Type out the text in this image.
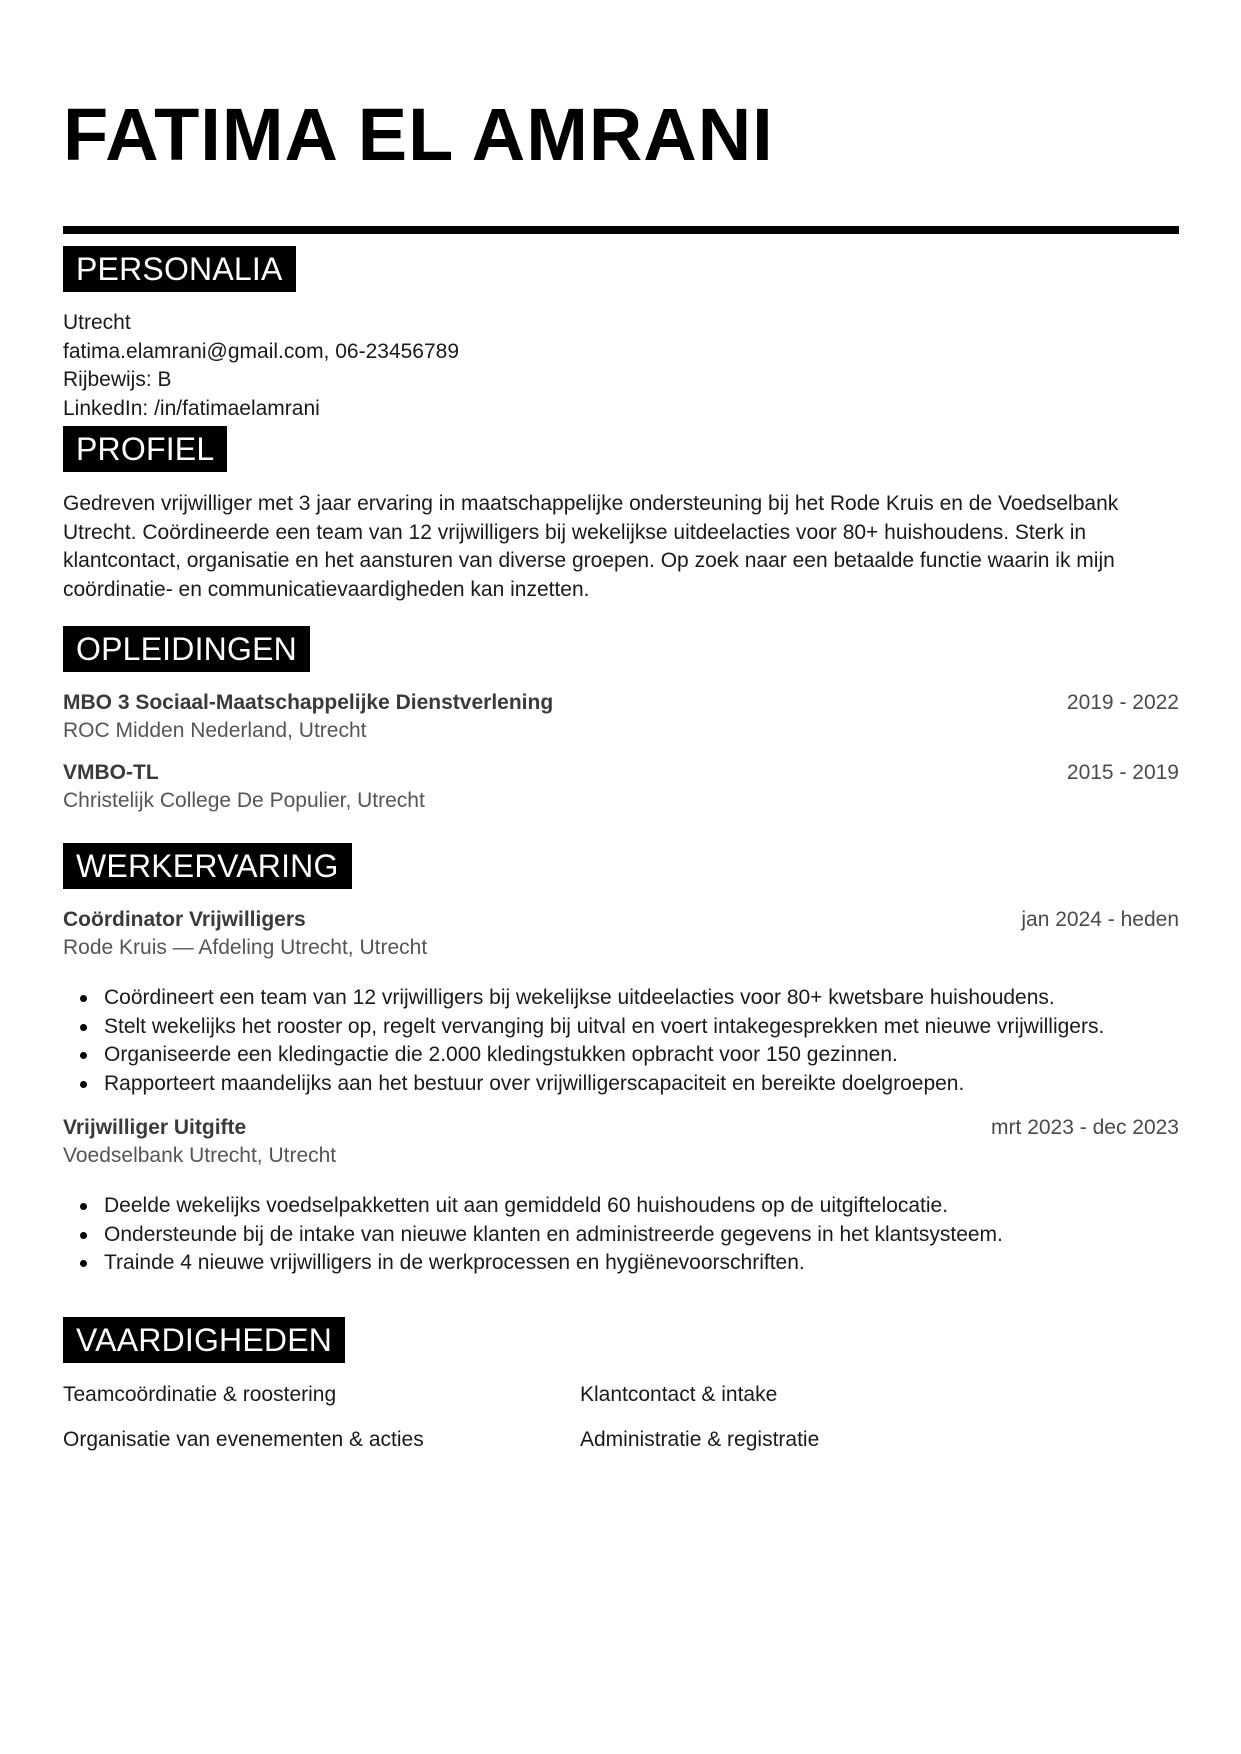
FATIMA EL AMRANI
PERSONALIA
Utrecht
fatima.elamrani@gmail.com, 06-23456789
Rijbewijs: B
LinkedIn: /in/fatimaelamrani
PROFIEL
Gedreven vrijwilliger met 3 jaar ervaring in maatschappelijke ondersteuning bij het Rode Kruis en de Voedselbank Utrecht. Coördineerde een team van 12 vrijwilligers bij wekelijkse uitdeelacties voor 80+ huishoudens. Sterk in klantcontact, organisatie en het aansturen van diverse groepen. Op zoek naar een betaalde functie waarin ik mijn coördinatie- en communicatievaardigheden kan inzetten.
OPLEIDINGEN
MBO 3 Sociaal-Maatschappelijke Dienstverlening	2019 - 2022
ROC Midden Nederland, Utrecht
VMBO-TL	2015 - 2019
Christelijk College De Populier, Utrecht
WERKERVARING
Coördinator Vrijwilligers	jan 2024 - heden
Rode Kruis — Afdeling Utrecht, Utrecht
Coördineert een team van 12 vrijwilligers bij wekelijkse uitdeelacties voor 80+ kwetsbare huishoudens.
Stelt wekelijks het rooster op, regelt vervanging bij uitval en voert intakegesprekken met nieuwe vrijwilligers.
Organiseerde een kledingactie die 2.000 kledingstukken opbracht voor 150 gezinnen.
Rapporteert maandelijks aan het bestuur over vrijwilligerscapaciteit en bereikte doelgroepen.
Vrijwilliger Uitgifte	mrt 2023 - dec 2023
Voedselbank Utrecht, Utrecht
Deelde wekelijks voedselpakketten uit aan gemiddeld 60 huishoudens op de uitgiftelocatie.
Ondersteunde bij de intake van nieuwe klanten en administreerde gegevens in het klantsysteem.
Trainde 4 nieuwe vrijwilligers in de werkprocessen en hygiënevoorschriften.
VAARDIGHEDEN
Teamcoördinatie & roostering	Klantcontact & intake
Organisatie van evenementen & acties	Administratie & registratie
